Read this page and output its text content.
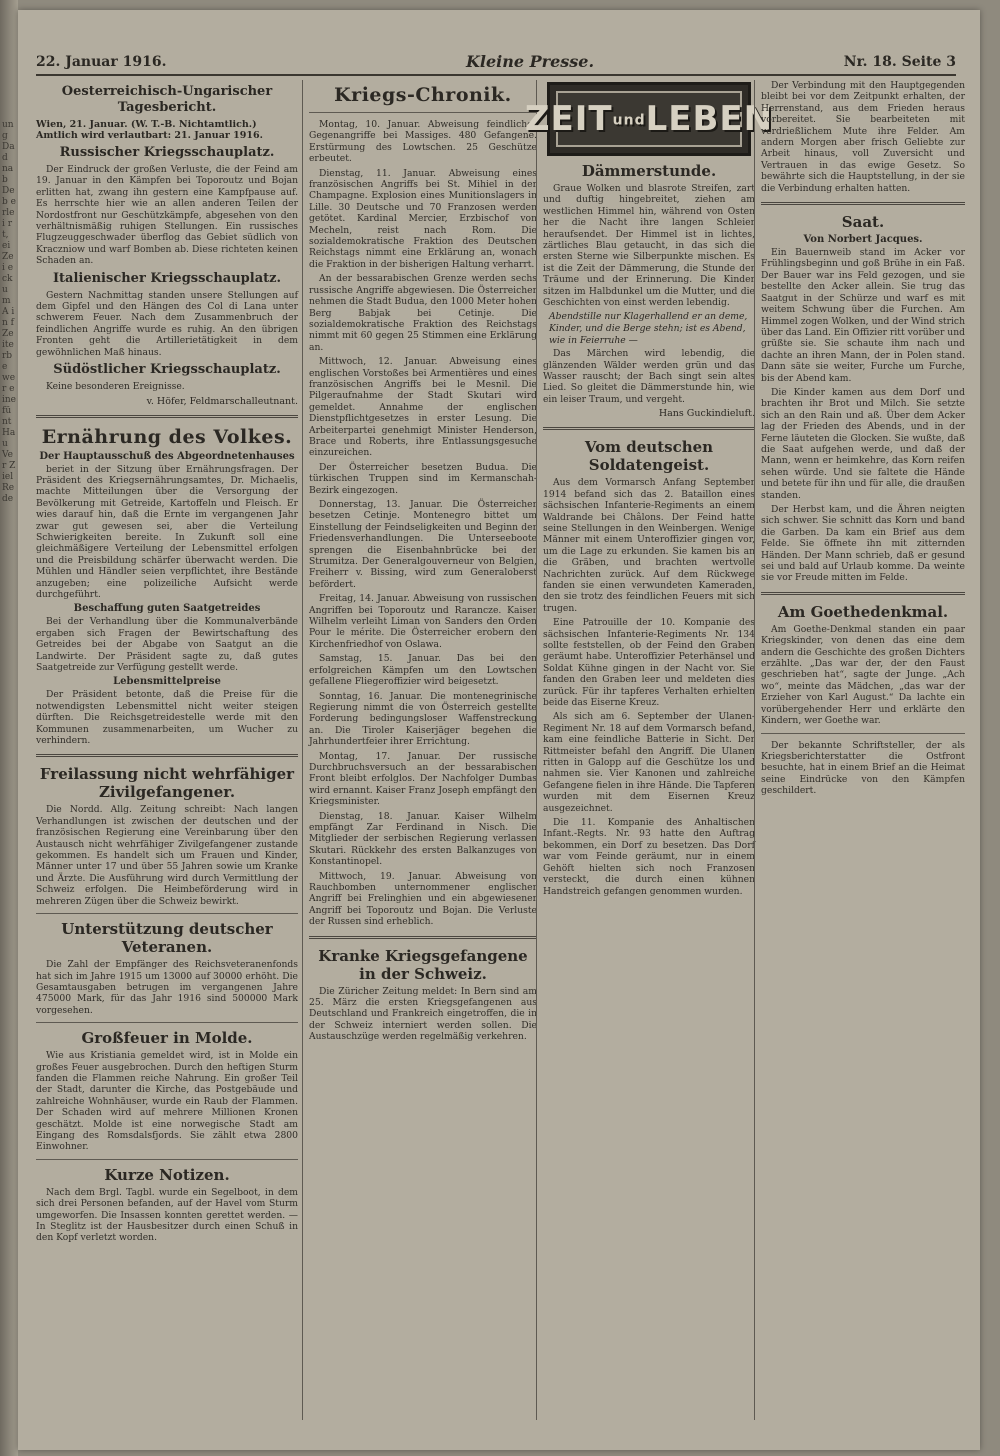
ung Dad nab Deb erlei rt, ei Zei ecku m A in f Zeite rbe wer eine fünt Hau Ver Ziel Rede
22. Januar 1916.	Kleine Presse.	Nr. 18. Seite 3
Oesterreichisch-Ungarischer Tagesbericht.
Wien, 21. Januar. (W. T.-B. Nichtamtlich.) Amtlich wird verlautbart: 21. Januar 1916.
Russischer Kriegsschauplatz.

Der Eindruck der großen Verluste, die der Feind am 19. Januar in den Kämpfen bei Toporoutz und Bojan erlitten hat, zwang ihn gestern eine Kampfpause auf. Es herrschte hier wie an allen anderen Teilen der Nordostfront nur Geschützkämpfe, abgesehen von den verhältnismäßig ruhigen Stellungen. Ein russisches Flugzeuggeschwader überflog das Gebiet südlich von Kraczniow und warf Bomben ab. Diese richteten keinen Schaden an.

Italienischer Kriegsschauplatz.

Gestern Nachmittag standen unsere Stellungen auf dem Gipfel und den Hängen des Col di Lana unter schwerem Feuer. Nach dem Zusammenbruch der feindlichen Angriffe wurde es ruhig. An den übrigen Fronten geht die Artillerietätigkeit in dem gewöhnlichen Maß hinaus.

Südöstlicher Kriegsschauplatz.

Keine besonderen Ereignisse.

v. Höfer, Feldmarschalleutnant.
Ernährung des Volkes.
Der Hauptausschuß des Abgeordnetenhauses

beriet in der Sitzung über Ernährungsfragen. Der Präsident des Kriegsernährungsamtes, Dr. Michaelis, machte Mitteilungen über die Versorgung der Bevölkerung mit Getreide, Kartoffeln und Fleisch. Er wies darauf hin, daß die Ernte im vergangenen Jahr zwar gut gewesen sei, aber die Verteilung Schwierigkeiten bereite. In Zukunft soll eine gleichmäßigere Verteilung der Lebensmittel erfolgen und die Preisbildung schärfer überwacht werden. Die Mühlen und Händler seien verpflichtet, ihre Bestände anzugeben; eine polizeiliche Aufsicht werde durchgeführt.

Beschaffung guten Saatgetreides

Bei der Verhandlung über die Kommunalverbände ergaben sich Fragen der Bewirtschaftung des Getreides bei der Abgabe von Saatgut an die Landwirte. Der Präsident sagte zu, daß gutes Saatgetreide zur Verfügung gestellt werde.

Lebensmittelpreise

Der Präsident betonte, daß die Preise für die notwendigsten Lebensmittel nicht weiter steigen dürften. Die Reichsgetreidestelle werde mit den Kommunen zusammenarbeiten, um Wucher zu verhindern.

Freilassung nicht wehrfähiger Zivilgefangener.

Die Nordd. Allg. Zeitung schreibt: Nach langen Verhandlungen ist zwischen der deutschen und der französischen Regierung eine Vereinbarung über den Austausch nicht wehrfähiger Zivilgefangener zustande gekommen. Es handelt sich um Frauen und Kinder, Männer unter 17 und über 55 Jahren sowie um Kranke und Ärzte. Die Ausführung wird durch Vermittlung der Schweiz erfolgen. Die Heimbeförderung wird in mehreren Zügen über die Schweiz bewirkt.

Unterstützung deutscher Veteranen.

Die Zahl der Empfänger des Reichsveteranenfonds hat sich im Jahre 1915 um 13000 auf 30000 erhöht. Die Gesamtausgaben betrugen im vergangenen Jahre 475000 Mark, für das Jahr 1916 sind 500000 Mark vorgesehen.

Großfeuer in Molde.

Wie aus Kristiania gemeldet wird, ist in Molde ein großes Feuer ausgebrochen. Durch den heftigen Sturm fanden die Flammen reiche Nahrung. Ein großer Teil der Stadt, darunter die Kirche, das Postgebäude und zahlreiche Wohnhäuser, wurde ein Raub der Flammen. Der Schaden wird auf mehrere Millionen Kronen geschätzt. Molde ist eine norwegische Stadt am Eingang des Romsdalsfjords. Sie zählt etwa 2800 Einwohner.

Kurze Notizen.

Nach dem Brgl. Tagbl. wurde ein Segelboot, in dem sich drei Personen befanden, auf der Havel vom Sturm umgeworfen. Die Insassen konnten gerettet werden. — In Steglitz ist der Hausbesitzer durch einen Schuß in den Kopf verletzt worden.

Kriegs-Chronik.

Montag, 10. Januar. Abweisung feindlicher Gegenangriffe bei Massiges. 480 Gefangene. Erstürmung des Lowtschen. 25 Geschütze erbeutet.

Dienstag, 11. Januar. Abweisung eines französischen Angriffs bei St. Mihiel in der Champagne. Explosion eines Munitionslagers in Lille. 30 Deutsche und 70 Franzosen werden getötet. Kardinal Mercier, Erzbischof von Mecheln, reist nach Rom. Die sozialdemokratische Fraktion des Deutschen Reichstags nimmt eine Erklärung an, wonach die Fraktion in der bisherigen Haltung verharrt.

An der bessarabischen Grenze werden sechs russische Angriffe abgewiesen. Die Österreicher nehmen die Stadt Budua, den 1000 Meter hohen Berg Babjak bei Cetinje. Die sozialdemokratische Fraktion des Reichstags nimmt mit 60 gegen 25 Stimmen eine Erklärung an.

Mittwoch, 12. Januar. Abweisung eines englischen Vorstoßes bei Armentières und eines französischen Angriffs bei le Mesnil. Die Pilgeraufnahme der Stadt Skutari wird gemeldet. Annahme der englischen Dienstpflichtgesetzes in erster Lesung. Die Arbeiterpartei genehmigt Minister Henderson, Brace und Roberts, ihre Entlassungsgesuche einzureichen.

Der Österreicher besetzen Budua. Die türkischen Truppen sind im Kermanschah-Bezirk eingezogen.

Donnerstag, 13. Januar. Die Österreicher besetzen Cetinje. Montenegro bittet um Einstellung der Feindseligkeiten und Beginn der Friedensverhandlungen. Die Unterseeboote sprengen die Eisenbahnbrücke bei der Strumitza. Der Generalgouverneur von Belgien, Freiherr v. Bissing, wird zum Generaloberst befördert.

Freitag, 14. Januar. Abweisung von russischen Angriffen bei Toporoutz und Rarancze. Kaiser Wilhelm verleiht Liman von Sanders den Orden Pour le mérite. Die Österreicher erobern den Kirchenfriedhof von Oslawa.

Samstag, 15. Januar. Das bei den erfolgreichen Kämpfen um den Lowtschen gefallene Fliegeroffizier wird beigesetzt.

Sonntag, 16. Januar. Die montenegrinische Regierung nimmt die von Österreich gestellte Forderung bedingungsloser Waffenstreckung an. Die Tiroler Kaiserjäger begehen die Jahrhundertfeier ihrer Errichtung.

Montag, 17. Januar. Der russische Durchbruchsversuch an der bessarabischen Front bleibt erfolglos. Der Nachfolger Dumbas wird ernannt. Kaiser Franz Joseph empfängt den Kriegsminister.

Dienstag, 18. Januar. Kaiser Wilhelm empfängt Zar Ferdinand in Nisch. Die Mitglieder der serbischen Regierung verlassen Skutari. Rückkehr des ersten Balkanzuges von Konstantinopel.

Mittwoch, 19. Januar. Abweisung von Rauchbomben unternommener englischer Angriff bei Frelinghien und ein abgewiesener Angriff bei Toporoutz und Bojan. Die Verluste der Russen sind erheblich.

Kranke Kriegsgefangene in der Schweiz.

Die Züricher Zeitung meldet: In Bern sind am 25. März die ersten Kriegsgefangenen aus Deutschland und Frankreich eingetroffen, die in der Schweiz interniert werden sollen. Die Austauschzüge werden regelmäßig verkehren.

ZEITundLEBEN
Dämmerstunde.

Graue Wolken und blasrote Streifen, zart und duftig hingebreitet, ziehen am westlichen Himmel hin, während von Osten her die Nacht ihre langen Schleier heraufsendet. Der Himmel ist in lichtes, zärtliches Blau getaucht, in das sich die ersten Sterne wie Silberpunkte mischen. Es ist die Zeit der Dämmerung, die Stunde der Träume und der Erinnerung. Die Kinder sitzen im Halbdunkel um die Mutter, und die Geschichten von einst werden lebendig.

Abendstille nur Klagerhallend er an deme, Kinder, und die Berge stehn; ist es Abend, wie in Feierruhe —

Das Märchen wird lebendig, die glänzenden Wälder werden grün und das Wasser rauscht; der Bach singt sein altes Lied. So gleitet die Dämmerstunde hin, wie ein leiser Traum, und vergeht.

Hans Guckindieluft.
Vom deutschen Soldatengeist.

Aus dem Vormarsch Anfang September 1914 befand sich das 2. Bataillon eines sächsischen Infanterie-Regiments an einem Waldrande bei Châlons. Der Feind hatte seine Stellungen in den Weinbergen. Wenige Männer mit einem Unteroffizier gingen vor, um die Lage zu erkunden. Sie kamen bis an die Gräben, und brachten wertvolle Nachrichten zurück. Auf dem Rückwege fanden sie einen verwundeten Kameraden, den sie trotz des feindlichen Feuers mit sich trugen.

Eine Patrouille der 10. Kompanie des sächsischen Infanterie-Regiments Nr. 134 sollte feststellen, ob der Feind den Graben geräumt habe. Unteroffizier Peterhänsel und Soldat Kühne gingen in der Nacht vor. Sie fanden den Graben leer und meldeten dies zurück. Für ihr tapferes Verhalten erhielten beide das Eiserne Kreuz.

Als sich am 6. September der Ulanen-Regiment Nr. 18 auf dem Vormarsch befand, kam eine feindliche Batterie in Sicht. Der Rittmeister befahl den Angriff. Die Ulanen ritten in Galopp auf die Geschütze los und nahmen sie. Vier Kanonen und zahlreiche Gefangene fielen in ihre Hände. Die Tapferen wurden mit dem Eisernen Kreuz ausgezeichnet.

Die 11. Kompanie des Anhaltischen Infant.-Regts. Nr. 93 hatte den Auftrag bekommen, ein Dorf zu besetzen. Das Dorf war vom Feinde geräumt, nur in einem Gehöft hielten sich noch Franzosen versteckt, die durch einen kühnen Handstreich gefangen genommen wurden.

Der Verbindung mit den Hauptgegenden bleibt bei vor dem Zeitpunkt erhalten, der Herrenstand, aus dem Frieden heraus vorbereitet. Sie bearbeiteten mit verdrießlichem Mute ihre Felder. Am andern Morgen aber frisch Geliebte zur Arbeit hinaus, voll Zuversicht und Vertrauen in das ewige Gesetz. So bewährte sich die Hauptstellung, in der sie die Verbindung erhalten hatten.

Saat.
Von Norbert Jacques.

Ein Bauernweib stand im Acker vor Frühlingsbeginn und goß Brühe in ein Faß. Der Bauer war ins Feld gezogen, und sie bestellte den Acker allein. Sie trug das Saatgut in der Schürze und warf es mit weitem Schwung über die Furchen. Am Himmel zogen Wolken, und der Wind strich über das Land. Ein Offizier ritt vorüber und grüßte sie. Sie schaute ihm nach und dachte an ihren Mann, der in Polen stand. Dann säte sie weiter, Furche um Furche, bis der Abend kam.

Die Kinder kamen aus dem Dorf und brachten ihr Brot und Milch. Sie setzte sich an den Rain und aß. Über dem Acker lag der Frieden des Abends, und in der Ferne läuteten die Glocken. Sie wußte, daß die Saat aufgehen werde, und daß der Mann, wenn er heimkehre, das Korn reifen sehen würde. Und sie faltete die Hände und betete für ihn und für alle, die draußen standen.

Der Herbst kam, und die Ähren neigten sich schwer. Sie schnitt das Korn und band die Garben. Da kam ein Brief aus dem Felde. Sie öffnete ihn mit zitternden Händen. Der Mann schrieb, daß er gesund sei und bald auf Urlaub komme. Da weinte sie vor Freude mitten im Felde.

Am Goethedenkmal.

Am Goethe-Denkmal standen ein paar Kriegskinder, von denen das eine dem andern die Geschichte des großen Dichters erzählte. „Das war der, der den Faust geschrieben hat“, sagte der Junge. „Ach wo“, meinte das Mädchen, „das war der Erzieher von Karl August.“ Da lachte ein vorübergehender Herr und erklärte den Kindern, wer Goethe war.

Der bekannte Schriftsteller, der als Kriegsberichterstatter die Ostfront besuchte, hat in einem Brief an die Heimat seine Eindrücke von den Kämpfen geschildert.
